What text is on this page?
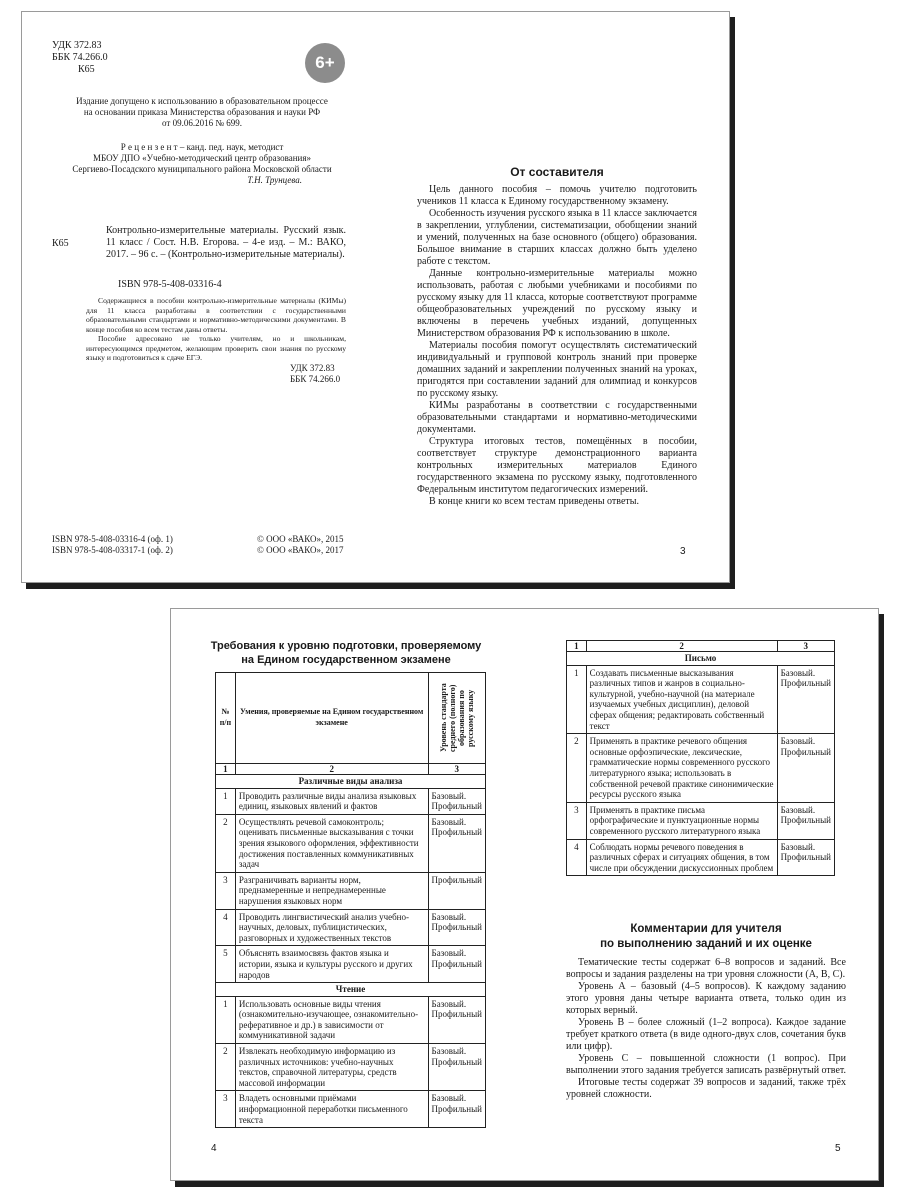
УДК 372.83
ББК 74.266.0
К65	6+
Издание допущено к использованию в образовательном процессе
на основании приказа Министерства образования и науки РФ
от 09.06.2016 № 699.
Р е ц е н з е н т – канд. пед. наук, методист
МБОУ ДПО «Учебно-методический центр образования»
Сергиево-Посадского муниципального района Московской области
Т.Н. Трунцева.
К65
Контрольно-измерительные материалы. Русский язык. 11 класс / Сост. Н.В. Егорова. – 4-е изд. – М.: ВАКО, 2017. – 96 с. – (Контрольно-измерительные материалы).
ISBN 978-5-408-03316-4

Содержащиеся в пособии контрольно-измерительные материалы (КИМы) для 11 класса разработаны в соответствии с государственными образовательными стандартами и нормативно-методическими документами. В конце пособия ко всем тестам даны ответы.

Пособие адресовано не только учителям, но и школьникам, интересующимся предметом, желающим проверить свои знания по русскому языку и подготовиться к сдаче ЕГЭ.

УДК 372.83
ББК 74.266.0
ISBN 978-5-408-03316-4 (оф. 1)
ISBN 978-5-408-03317-1 (оф. 2)
© ООО «ВАКО», 2015
© ООО «ВАКО», 2017
От составителя

Цель данного пособия – помочь учителю подготовить учеников 11 класса к Единому государственному экзамену.

Особенность изучения русского языка в 11 классе заключается в закреплении, углублении, систематизации, обобщении знаний и умений, полученных на базе основного (общего) образования. Большое внимание в старших классах должно быть уделено работе с текстом.

Данные контрольно-измерительные материалы можно использовать, работая с любыми учебниками и пособиями по русскому языку для 11 класса, которые соответствуют программе общеобразовательных учреждений по русскому языку и включены в перечень учебных изданий, допущенных Министерством образования РФ к использованию в школе.

Материалы пособия помогут осуществлять систематический индивидуальный и групповой контроль знаний при проверке домашних заданий и закреплении полученных знаний на уроках, пригодятся при составлении заданий для олимпиад и конкурсов по русскому языку.

КИМы разработаны в соответствии с государственными образовательными стандартами и нормативно-методическими документами.

Структура итоговых тестов, помещённых в пособии, соответствует структуре демонстрационного варианта контрольных измерительных материалов Единого государственного экзамена по русскому языку, подготовленного Федеральным институтом педагогических измерений.

В конце книги ко всем тестам приведены ответы.

3
Требования к уровню подготовки, проверяемому
на Едином государственном экзамене
№ п/п	Умения, проверяемые на Едином государственном экзамене	Уровень стандарта среднего (полного) образования по русскому языку

1	2	3
Различные виды анализа		
1	Проводить различные виды анализа языковых единиц, языковых явлений и фактов	Базовый. Профильный
2	Осуществлять речевой самоконтроль; оценивать письменные высказывания с точки зрения языкового оформления, эффективности достижения поставленных коммуникативных задач	Базовый. Профильный
3	Разграничивать варианты норм, преднамеренные и непреднамеренные нарушения языковых норм	Профильный
4	Проводить лингвистический анализ учебно-научных, деловых, публицистических, разговорных и художественных текстов	Базовый. Профильный
5	Объяснять взаимосвязь фактов языка и истории, языка и культуры русского и других народов	Базовый. Профильный
Чтение		
1	Использовать основные виды чтения (ознакомительно-изучающее, ознакомительно-реферативное и др.) в зависимости от коммуникативной задачи	Базовый. Профильный
2	Извлекать необходимую информацию из различных источников: учебно-научных текстов, справочной литературы, средств массовой информации	Базовый. Профильный
3	Владеть основными приёмами информационной переработки письменного текста	Базовый. Профильный
4
1	2	3
Письмо		
1	Создавать письменные высказывания различных типов и жанров в социально-культурной, учебно-научной (на материале изучаемых учебных дисциплин), деловой сферах общения; редактировать собственный текст	Базовый. Профильный
2	Применять в практике речевого общения основные орфоэпические, лексические, грамматические нормы современного русского литературного языка; использовать в собственной речевой практике синонимические ресурсы русского языка	Базовый. Профильный
3	Применять в практике письма орфографические и пунктуационные нормы современного русского литературного языка	Базовый. Профильный
4	Соблюдать нормы речевого поведения в различных сферах и ситуациях общения, в том числе при обсуждении дискуссионных проблем	Базовый. Профильный
Комментарии для учителя
по выполнению заданий и их оценке

Тематические тесты содержат 6–8 вопросов и заданий. Все вопросы и задания разделены на три уровня сложности (А, В, С).

Уровень А – базовый (4–5 вопросов). К каждому заданию этого уровня даны четыре варианта ответа, только один из которых верный.

Уровень В – более сложный (1–2 вопроса). Каждое задание требует краткого ответа (в виде одного-двух слов, сочетания букв или цифр).

Уровень С – повышенной сложности (1 вопрос). При выполнении этого задания требуется записать развёрнутый ответ.

Итоговые тесты содержат 39 вопросов и заданий, также трёх уровней сложности.

5
